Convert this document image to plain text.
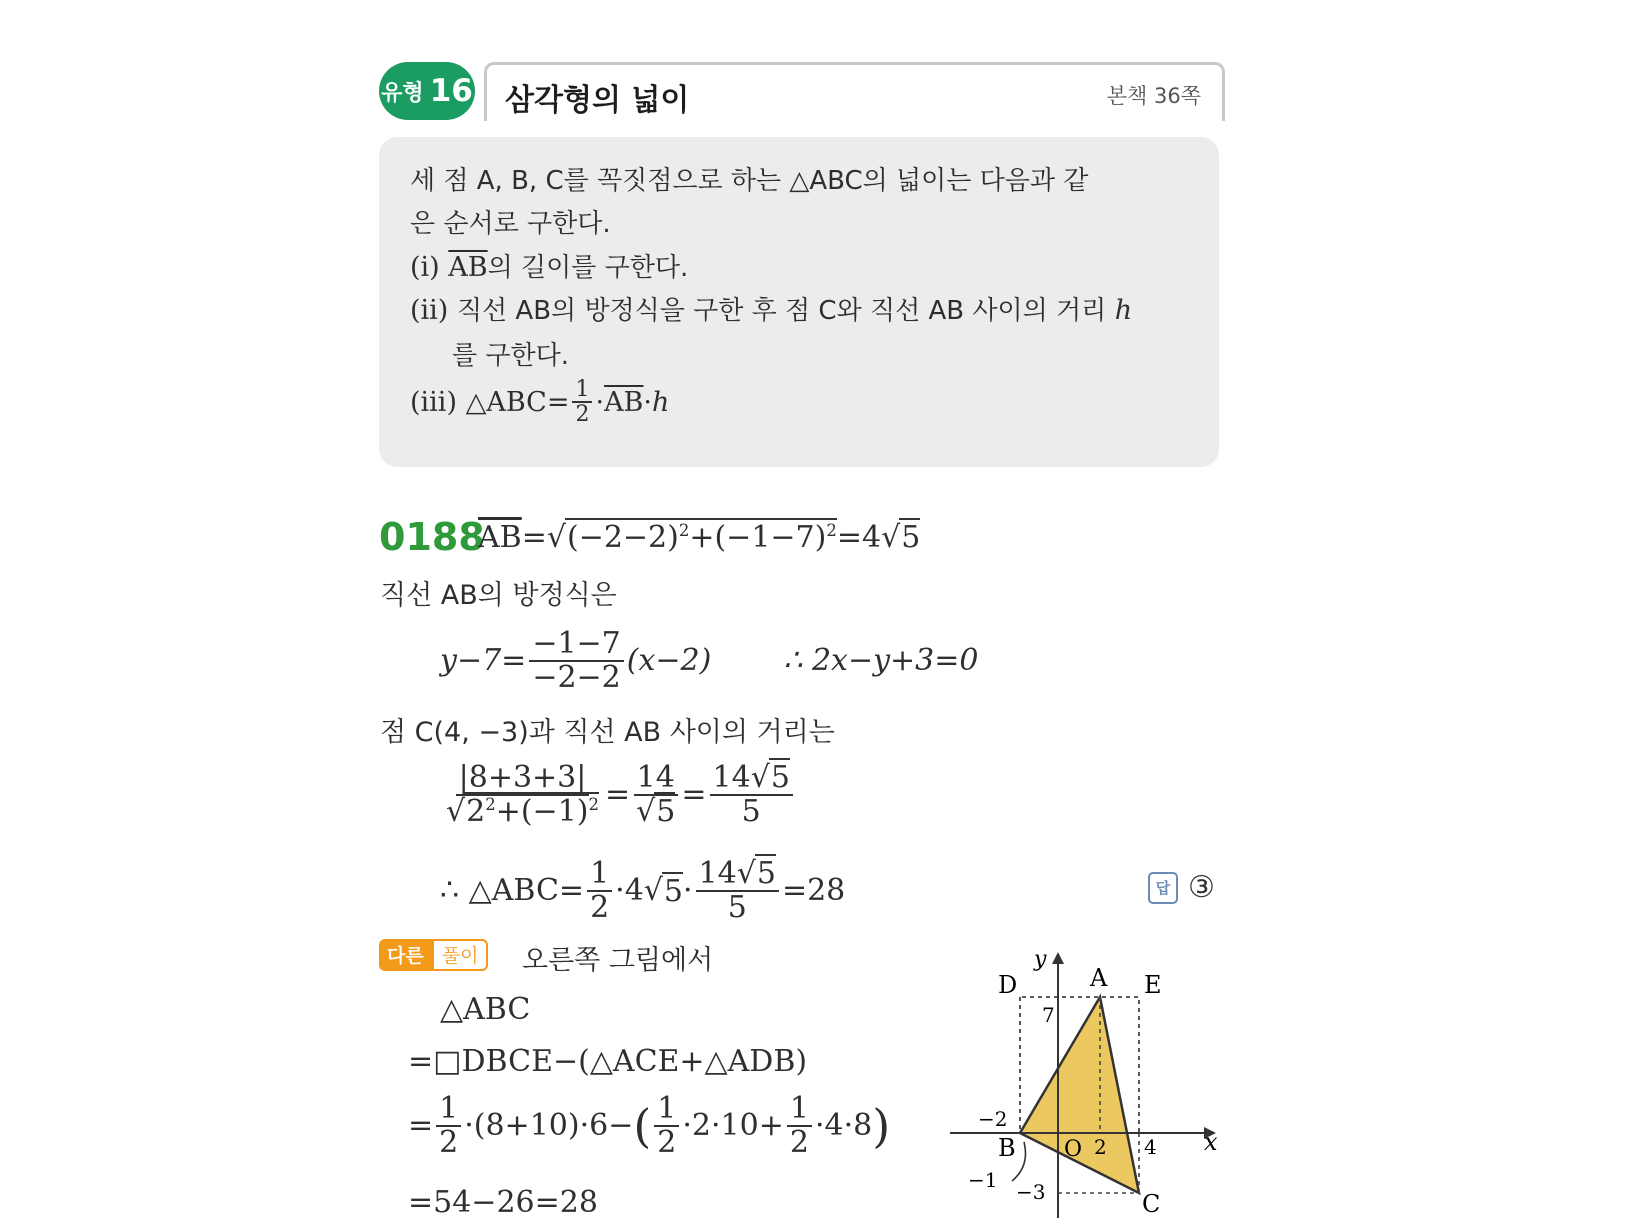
유형 16 삼각형의 넓이	본책 36쪽
세 점 A, B, C를 꼭짓점으로 하는 △ABC의 넓이는 다음과 같
은 순서로 구한다.
(i) $\overline{AB}$의 길이를 구한다.
(ii) 직선 AB의 방정식을 구한 후 점 C와 직선 AB 사이의 거리 h
를 구한다.
(iii)
△ABC= $\frac{1}{2} \cdot \overline{AB} \cdot h$
0188
$\overline{AB}=√(-2-2)^2+(-1-7)^2=4√5$
직선 AB의 방정식은
$y-7= \frac{-1-7}{-2-2} (x-2)$ ∴ 2x−y+3=0
점 C(4, −3)과 직선 AB 사이의 거리는
$\frac{|8+3+3|}{√2^2+(-1)^2} = \frac{14}{√5} = \frac{14√5}{5}$
∴ △ABC= $\frac{1}{2} \cdot 4$ √ $5 \cdot \frac{14√5}{5} =28$	답 ③
다른 풀이	오른쪽 그림에서
△ABC
=□DBCE−(△ACE+△ADB)
= $\frac{1}{2} \cdot(8+10)\cdot 6-$ ( $\frac{1}{2} \cdot 2\cdot 10+ \frac{1}{2} \cdot 4\cdot 8$ )
=54−26=28
y
x
A
D	E
B
C
O
7
−2
2 4
−1 −3
